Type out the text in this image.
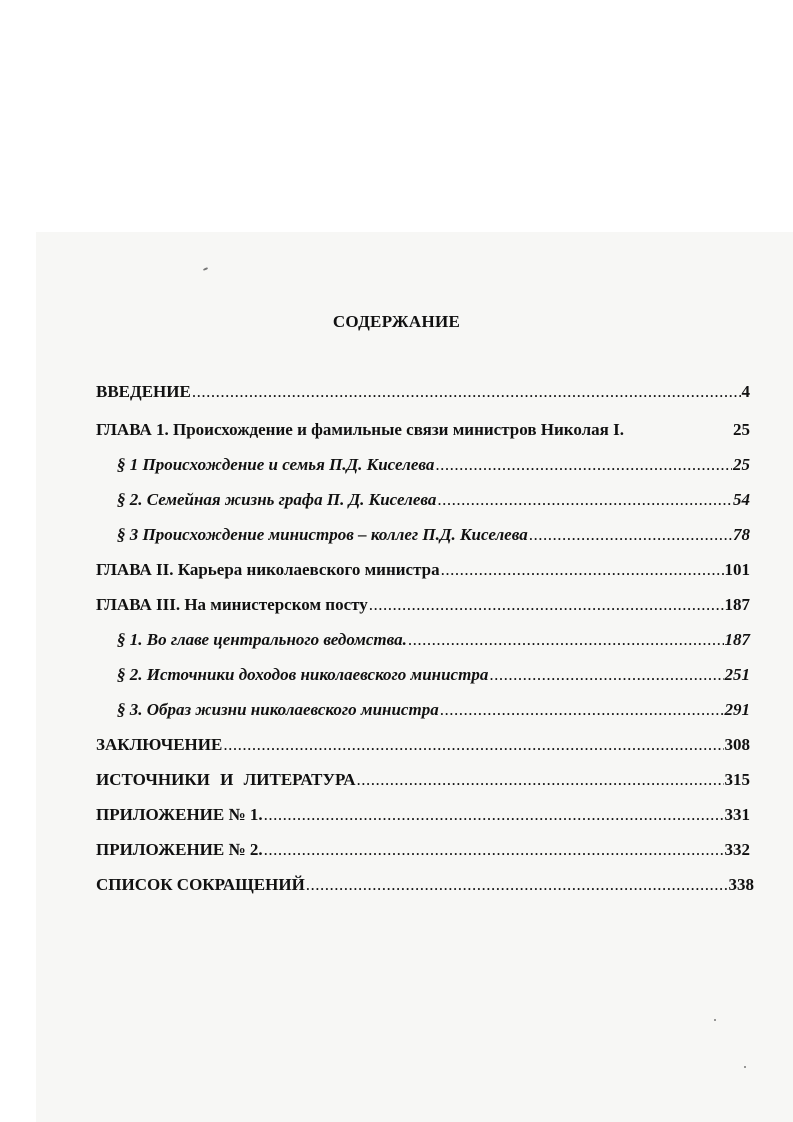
СОДЕРЖАНИЕ
ВВЕДЕНИЕ .....	4
ГЛАВА 1. Происхождение и фамильные связи министров Николая I.	25
§ 1 Происхождение и семья П.Д. Киселева .....	25
§ 2. Семейная жизнь графа П. Д. Киселева .....	54
§ 3 Происхождение министров – коллег П.Д. Киселева .....	78
ГЛАВА II. Карьера николаевского министра .....	101
ГЛАВА III. На министерском посту .....	187
§ 1. Во главе центрального ведомства. .....	187
§ 2. Источники доходов николаевского министра .....	251
§ 3. Образ жизни николаевского министра .....	291
ЗАКЛЮЧЕНИЕ .....	308
ИСТОЧНИКИ И ЛИТЕРАТУРА .....	315
ПРИЛОЖЕНИЕ № 1. .....	331
ПРИЛОЖЕНИЕ № 2. .....	332
СПИСОК СОКРАЩЕНИЙ .....	338
